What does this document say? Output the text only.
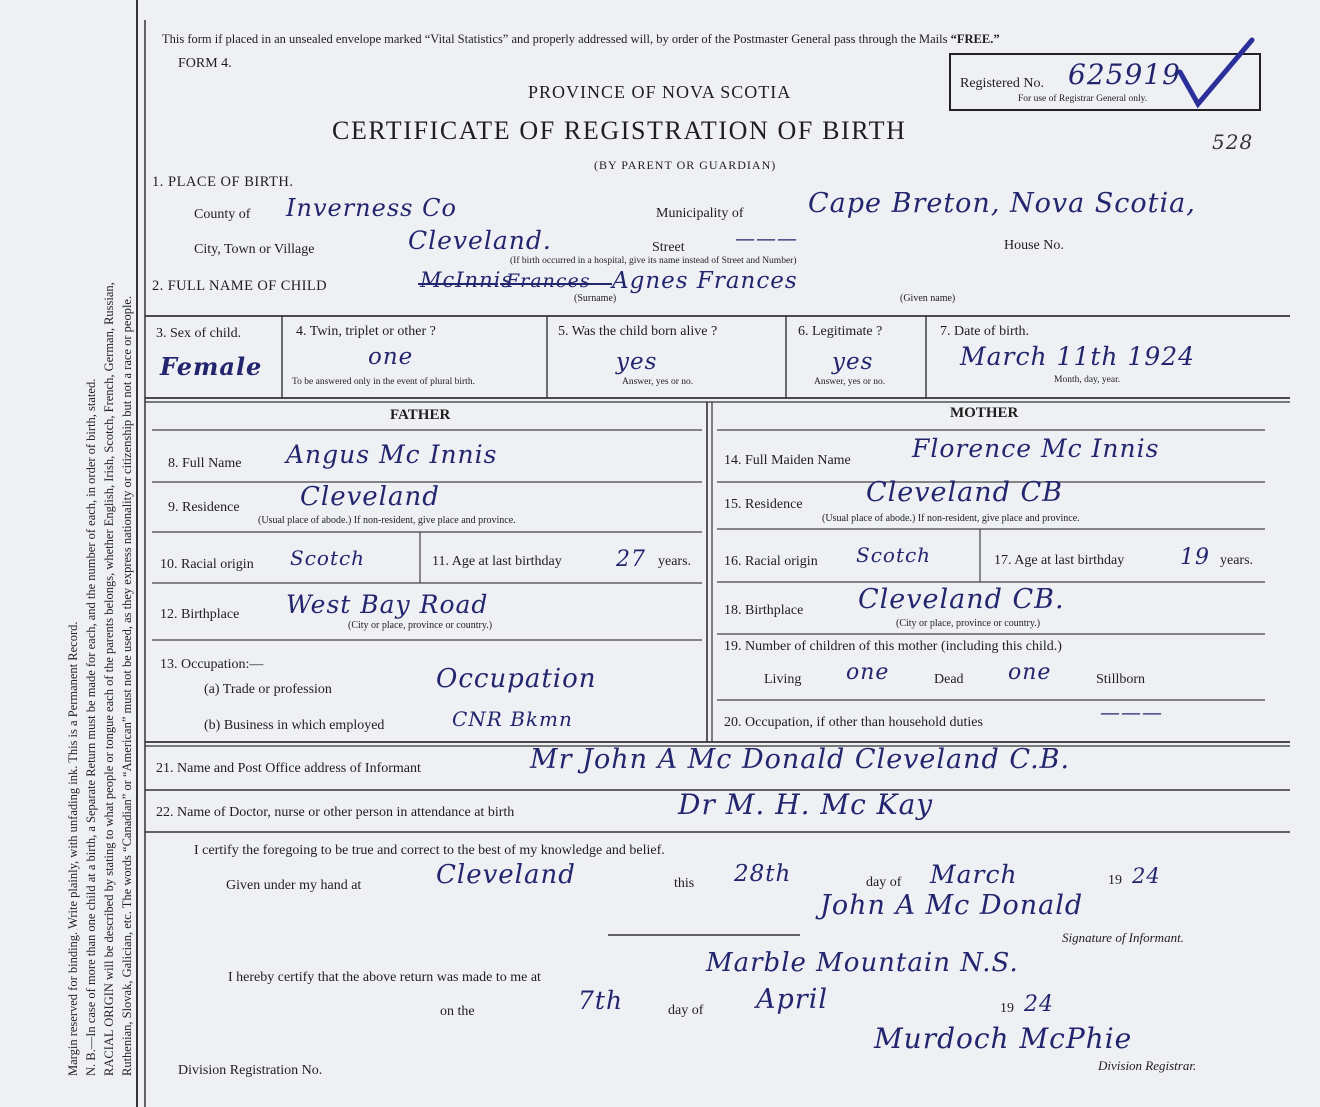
Margin reserved for binding. Write plainly, with unfading ink. This is a Permanent Record. N. B.—In case of more than one child at a birth, a Separate Return must be made for each, and the number of each, in order of birth, stated. RACIAL ORIGIN will be described by stating to what people or tongue each of the parents belongs, whether English, Irish, Scotch, French, German, Russian, Ruthenian, Slovak, Galician, etc. The words “Canadian” or “American” must not be used, as they express nationality or citizenship but not a race or people.
This form if placed in an unsealed envelope marked “Vital Statistics” and properly addressed will, by order of the Postmaster General pass through the Mails “FREE.”
FORM 4.
Registered No. 625919
For use of Registrar General only.
528
PROVINCE OF NOVA SCOTIA
CERTIFICATE OF REGISTRATION OF BIRTH
(BY PARENT OR GUARDIAN)
1. PLACE OF BIRTH.
County of Inverness Co	Municipality of Cape Breton, Nova Scotia,
City, Town or Village	Cleveland.	Street	———	House No.
(If birth occurred in a hospital, give its name instead of Street and Number)
2. FULL NAME OF CHILD	McInnis
Frances Agnes Frances
(Surname)	(Given name)
3. Sex of child.
Female
4. Twin, triplet or other ?
one
To be answered only in the event of plural birth.
5. Was the child born alive ?
yes
Answer, yes or no.
6. Legitimate ?
yes
Answer, yes or no.
7. Date of birth.
March 11th 1924
Month, day, year.
FATHER
8. Full Name Angus Mc Innis
9. Residence Cleveland
(Usual place of abode.) If non-resident, give place and province.
10. Racial origin Scotch	11. Age at last birthday 27 years.
12. Birthplace West Bay Road
(City or place, province or country.)
13. Occupation:—
(a) Trade or profession	Occupation
(b) Business in which employed	CNR Bkmn
MOTHER
14. Full Maiden Name Florence Mc Innis
15. Residence Cleveland CB
(Usual place of abode.) If non-resident, give place and province.
16. Racial origin Scotch	17. Age at last birthday	19 years.
18. Birthplace Cleveland CB.
(City or place, province or country.)
19. Number of children of this mother (including this child.)
Living one	Dead one	Stillborn
20. Occupation, if other than household duties	———
21. Name and Post Office address of Informant	Mr John A Mc Donald Cleveland C.B.
22. Name of Doctor, nurse or other person in attendance at birth	Dr M. H. Mc Kay
I certify the foregoing to be true and correct to the best of my knowledge and belief.
Given under my hand at	Cleveland	this 28th	day of March	19 24
John A Mc Donald
Signature of Informant.
I hereby certify that the above return was made to me at	Marble Mountain N.S.
on the	7th	day of April	19 24
Murdoch McPhie
Division Registrar.
Division Registration No.
